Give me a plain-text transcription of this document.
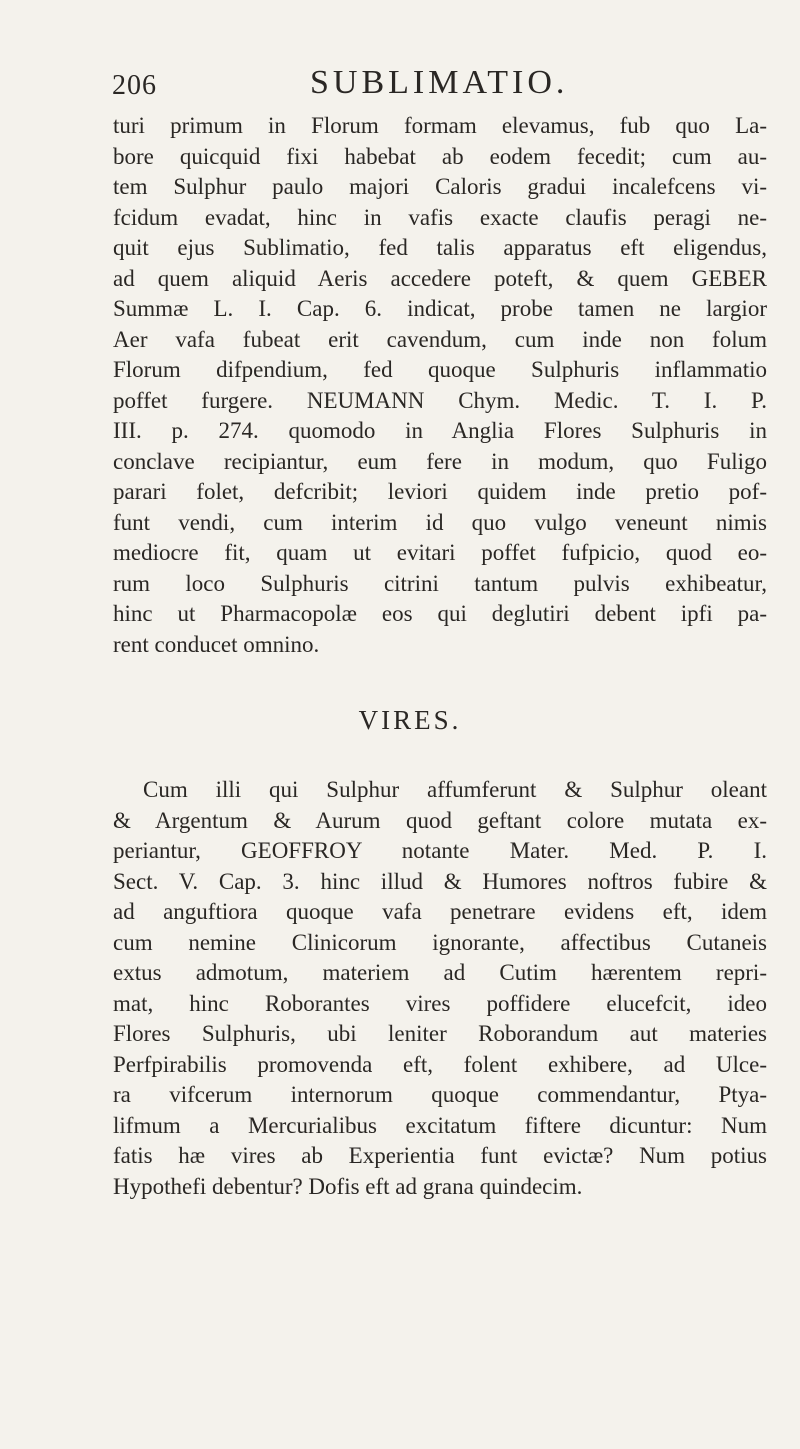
206	SUBLIMATIO.
turi primum in Florum formam elevamus, fub quo La-
bore quicquid fixi habebat ab eodem fecedit; cum au-
tem Sulphur paulo majori Caloris gradui incalefcens vi-
fcidum evadat, hinc in vafis exacte claufis peragi ne-
quit ejus Sublimatio, fed talis apparatus eft eligendus,
ad quem aliquid Aeris accedere poteft, & quem GEBER
Summæ L. I. Cap. 6. indicat, probe tamen ne largior
Aer vafa fubeat erit cavendum, cum inde non folum
Florum difpendium, fed quoque Sulphuris inflammatio
poffet furgere. NEUMANN Chym. Medic. T. I. P.
III. p. 274. quomodo in Anglia Flores Sulphuris in
conclave recipiantur, eum fere in modum, quo Fuligo
parari folet, defcribit; leviori quidem inde pretio pof-
funt vendi, cum interim id quo vulgo veneunt nimis
mediocre fit, quam ut evitari poffet fufpicio, quod eo-
rum loco Sulphuris citrini tantum pulvis exhibeatur,
hinc ut Pharmacopolæ eos qui deglutiri debent ipfi pa-
rent conducet omnino.
VIRES.
Cum illi qui Sulphur affumferunt & Sulphur oleant
& Argentum & Aurum quod geftant colore mutata ex-
periantur, GEOFFROY notante Mater. Med. P. I.
Sect. V. Cap. 3. hinc illud & Humores noftros fubire &
ad anguftiora quoque vafa penetrare evidens eft, idem
cum nemine Clinicorum ignorante, affectibus Cutaneis
extus admotum, materiem ad Cutim hærentem repri-
mat, hinc Roborantes vires poffidere elucefcit, ideo
Flores Sulphuris, ubi leniter Roborandum aut materies
Perfpirabilis promovenda eft, folent exhibere, ad Ulce-
ra vifcerum internorum quoque commendantur, Ptya-
lifmum a Mercurialibus excitatum fiftere dicuntur: Num
fatis hæ vires ab Experientia funt evictæ? Num potius
Hypothefi debentur? Dofis eft ad grana quindecim.
